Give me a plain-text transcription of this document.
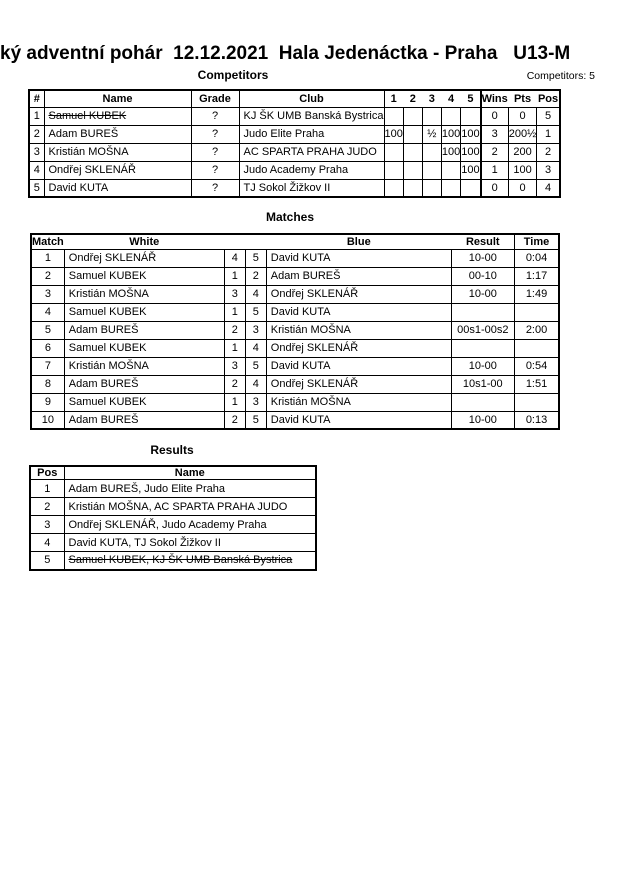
ký adventní pohár  12.12.2021  Hala Jedenáctka - Praha   U13-M
Competitors	Competitors: 5
#	Name	Grade	Club	1	2	3	4	5	Wins	Pts	Pos
1	Samuel KUBEK	?	KJ ŠK UMB Banská Bystrica						0	0	5
2	Adam BUREŠ	?	Judo Elite Praha	100		½	100	100	3	200½	1
3	Kristián MOŠNA	?	AC SPARTA PRAHA JUDO				100	100	2	200	2
4	Ondřej SKLENÁŘ	?	Judo Academy Praha					100	1	100	3
5	David KUTA	?	TJ Sokol Žižkov II						0	0	4
Matches
Match	White			Blue	Result	Time
1	Ondřej SKLENÁŘ	4	5	David KUTA	10-00	0:04
2	Samuel KUBEK	1	2	Adam BUREŠ	00-10	1:17
3	Kristián MOŠNA	3	4	Ondřej SKLENÁŘ	10-00	1:49
4	Samuel KUBEK	1	5	David KUTA		
5	Adam BUREŠ	2	3	Kristián MOŠNA	00s1-00s2	2:00
6	Samuel KUBEK	1	4	Ondřej SKLENÁŘ		
7	Kristián MOŠNA	3	5	David KUTA	10-00	0:54
8	Adam BUREŠ	2	4	Ondřej SKLENÁŘ	10s1-00	1:51
9	Samuel KUBEK	1	3	Kristián MOŠNA		
10	Adam BUREŠ	2	5	David KUTA	10-00	0:13
Results
Pos	Name
1	Adam BUREŠ, Judo Elite Praha
2	Kristián MOŠNA, AC SPARTA PRAHA JUDO
3	Ondřej SKLENÁŘ, Judo Academy Praha
4	David KUTA, TJ Sokol Žižkov II
5	Samuel KUBEK, KJ ŠK UMB Banská Bystrica
